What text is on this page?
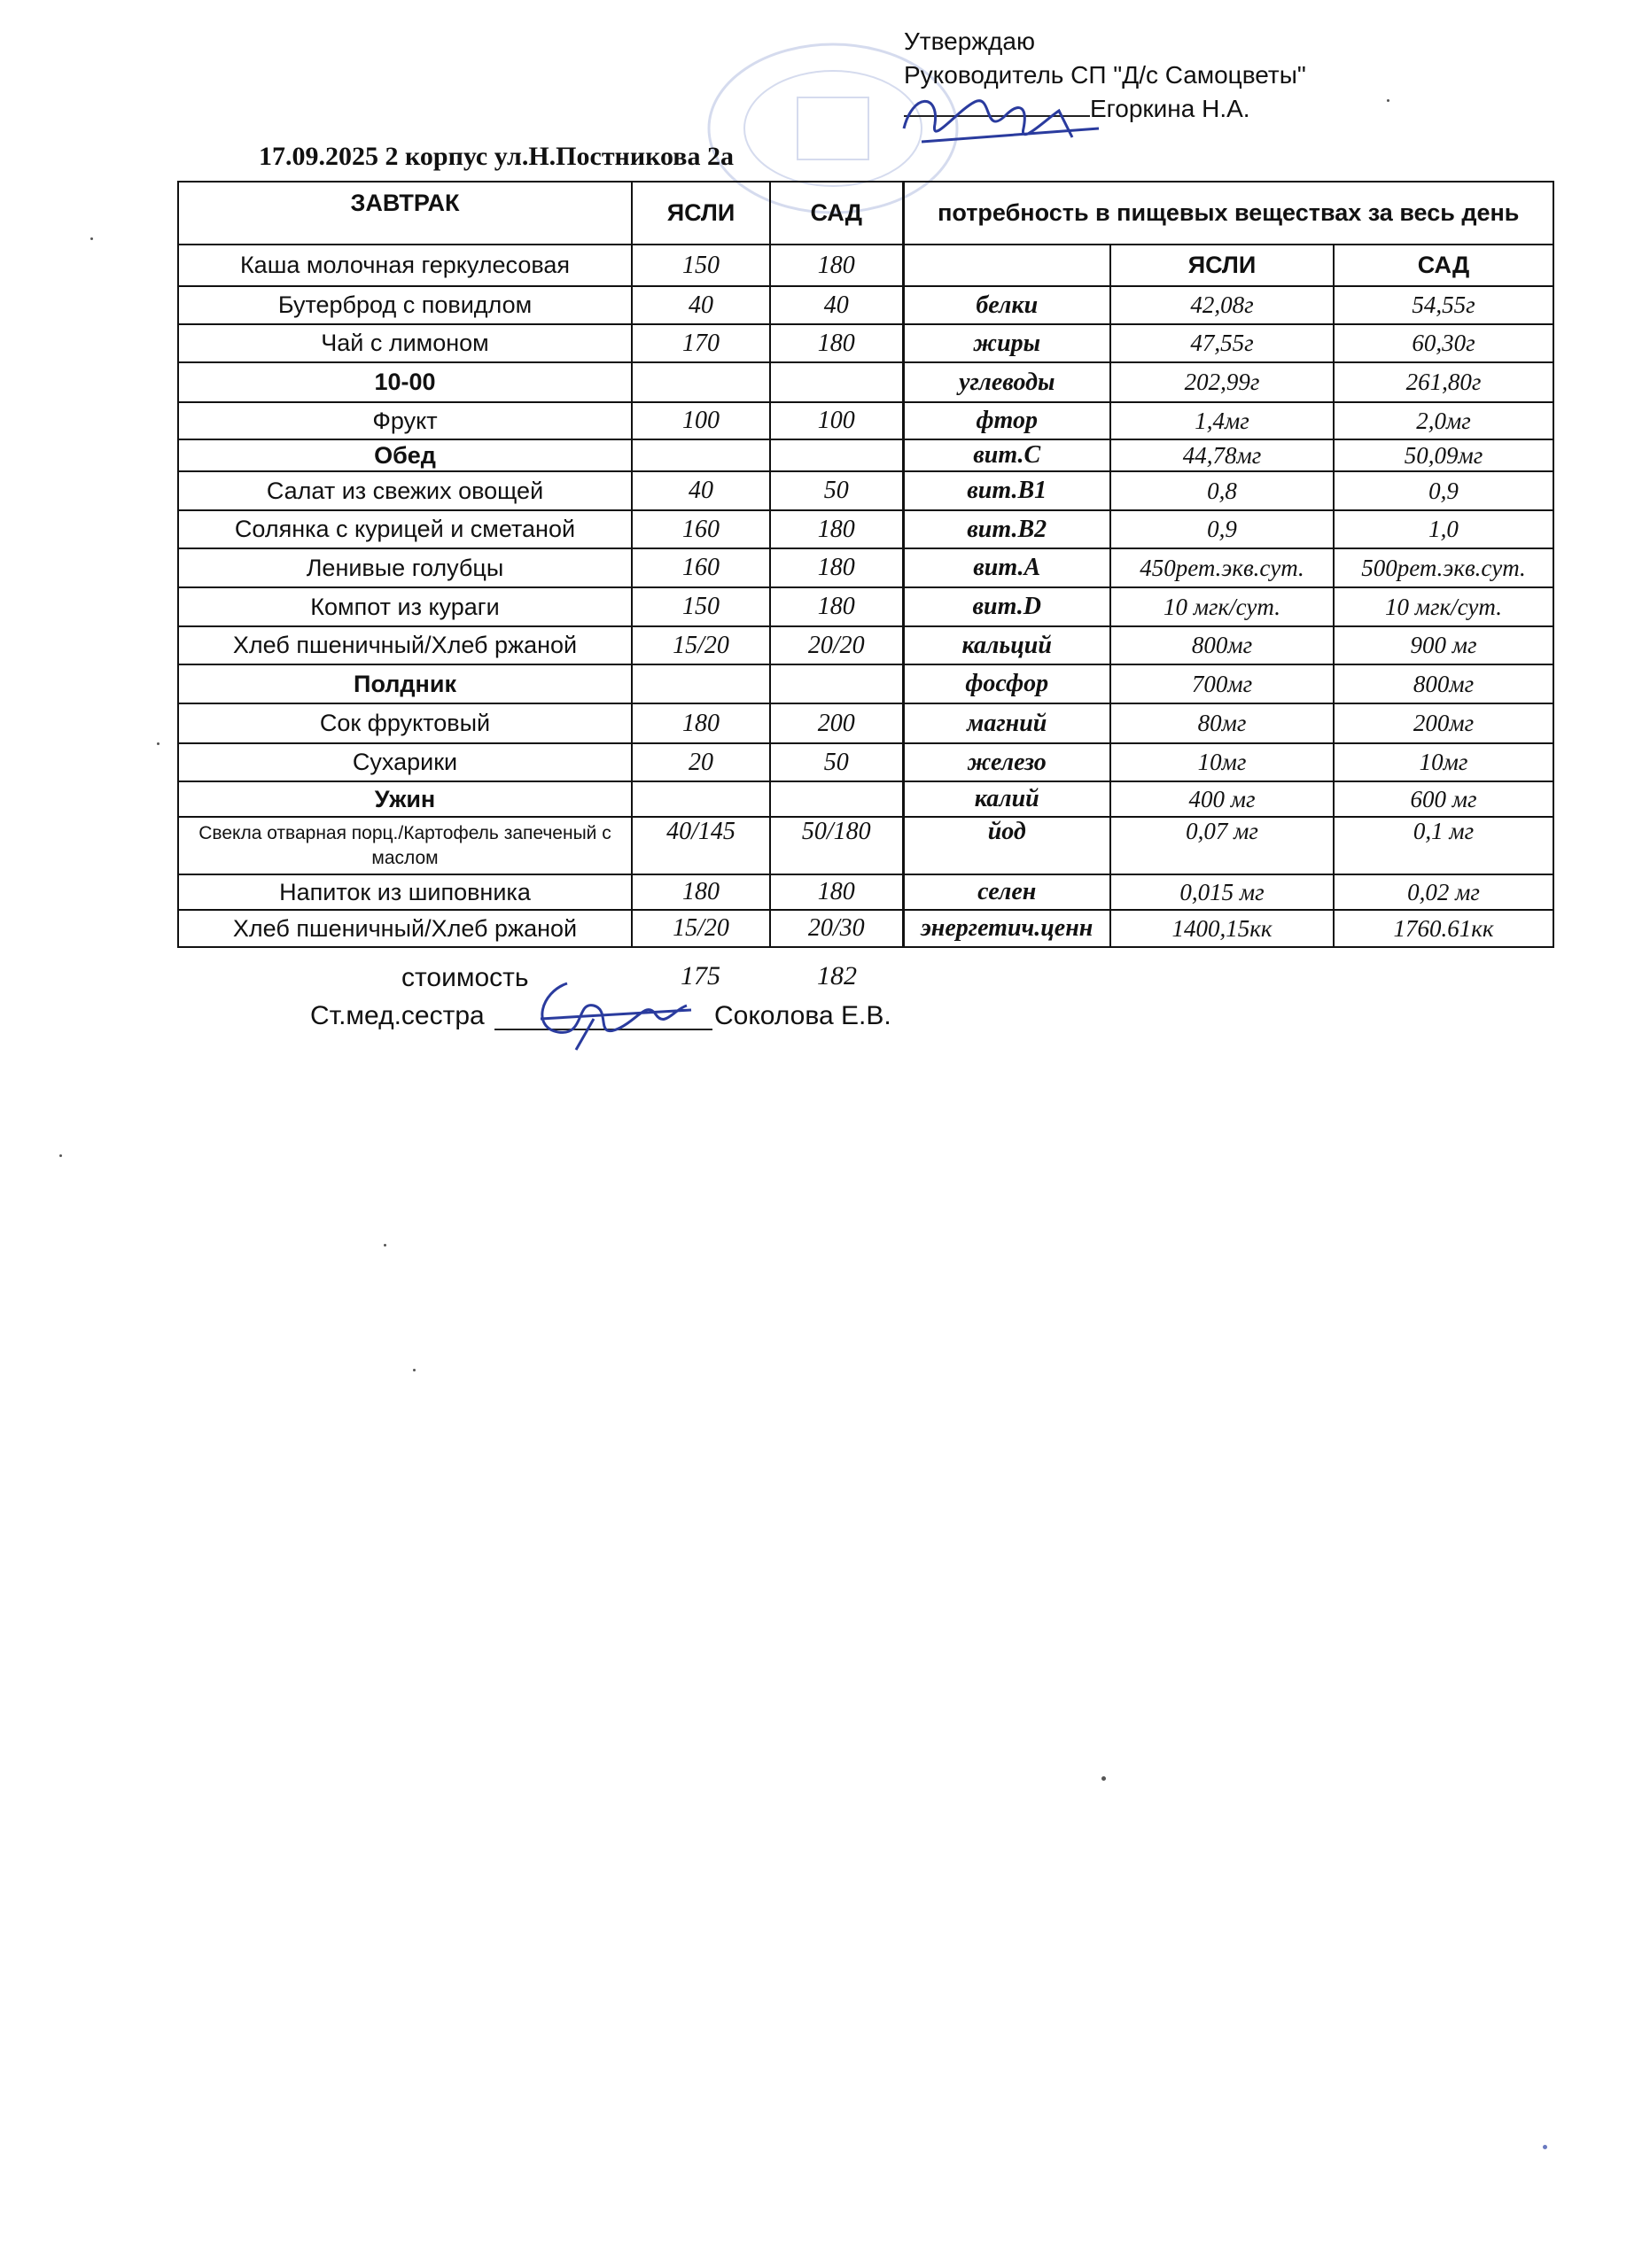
Утверждаю
Руководитель СП "Д/с Самоцветы"
Егоркина Н.А.
17.09.2025 2 корпус ул.Н.Постникова 2а
ЗАВТРАК	ЯСЛИ	САД	потребность в пищевых веществах за весь день		
Каша молочная геркулесовая	150	180		ЯСЛИ	САД
Бутерброд с повидлом	40	40	белки	42,08г	54,55г
Чай с лимоном	170	180	жиры	47,55г	60,30г
10-00			углеводы	202,99г	261,80г
Фрукт	100	100	фтор	1,4мг	2,0мг
Обед			вит.С	44,78мг	50,09мг
Салат из свежих овощей	40	50	вит.В1	0,8	0,9
Солянка с курицей и сметаной	160	180	вит.В2	0,9	1,0
Ленивые голубцы	160	180	вит.А	450рет.экв.сут.	500рет.экв.сут.
Компот из кураги	150	180	вит.D	10 мгк/сут.	10 мгк/сут.
Хлеб пшеничный/Хлеб ржаной	15/20	20/20	кальций	800мг	900 мг
Полдник			фосфор	700мг	800мг
Сок фруктовый	180	200	магний	80мг	200мг
Сухарики	20	50	железо	10мг	10мг
Ужин			калий	400 мг	600 мг
Свекла отварная порц./Картофель запеченый с маслом	40/145	50/180	йод	0,07 мг	0,1 мг
Напиток из шиповника	180	180	селен	0,015 мг	0,02 мг
Хлеб пшеничный/Хлеб ржаной	15/20	20/30	энергетич.ценн	1400,15кк	1760.61кк
стоимость	175	182
Ст.мед.сестра	Соколова Е.В.
